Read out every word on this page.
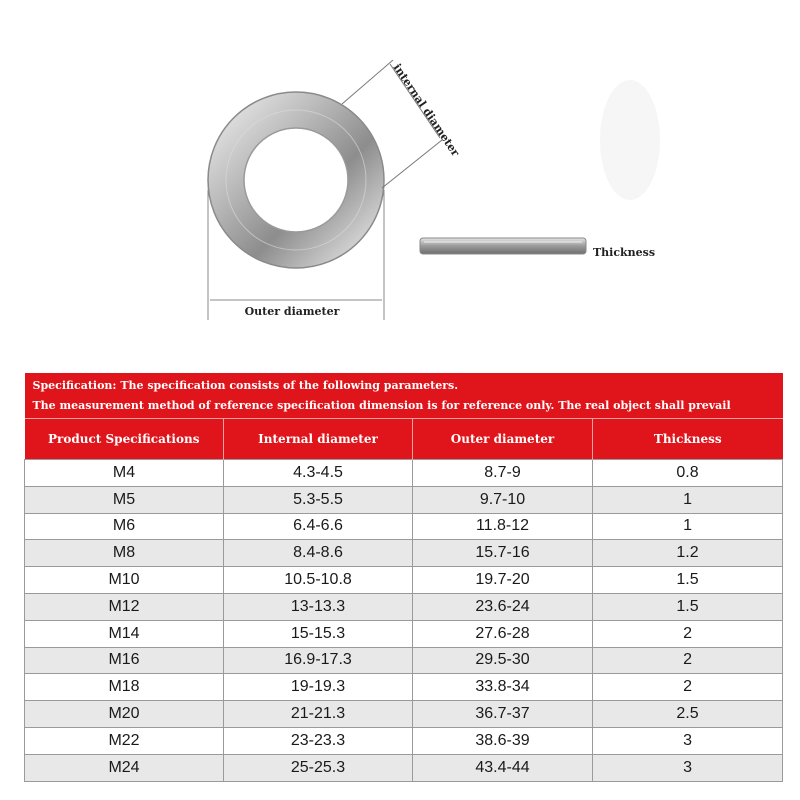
internal diameter
Outer diameter
Thickness
Specification: The specification consists of the following parameters.			
The measurement method of reference specification dimension is for reference only. The real object shall prevail			
Product Specifications	Internal diameter	Outer diameter	Thickness
M4	4.3-4.5	8.7-9	0.8
M5	5.3-5.5	9.7-10	1
M6	6.4-6.6	11.8-12	1
M8	8.4-8.6	15.7-16	1.2
M10	10.5-10.8	19.7-20	1.5
M12	13-13.3	23.6-24	1.5
M14	15-15.3	27.6-28	2
M16	16.9-17.3	29.5-30	2
M18	19-19.3	33.8-34	2
M20	21-21.3	36.7-37	2.5
M22	23-23.3	38.6-39	3
M24	25-25.3	43.4-44	3
